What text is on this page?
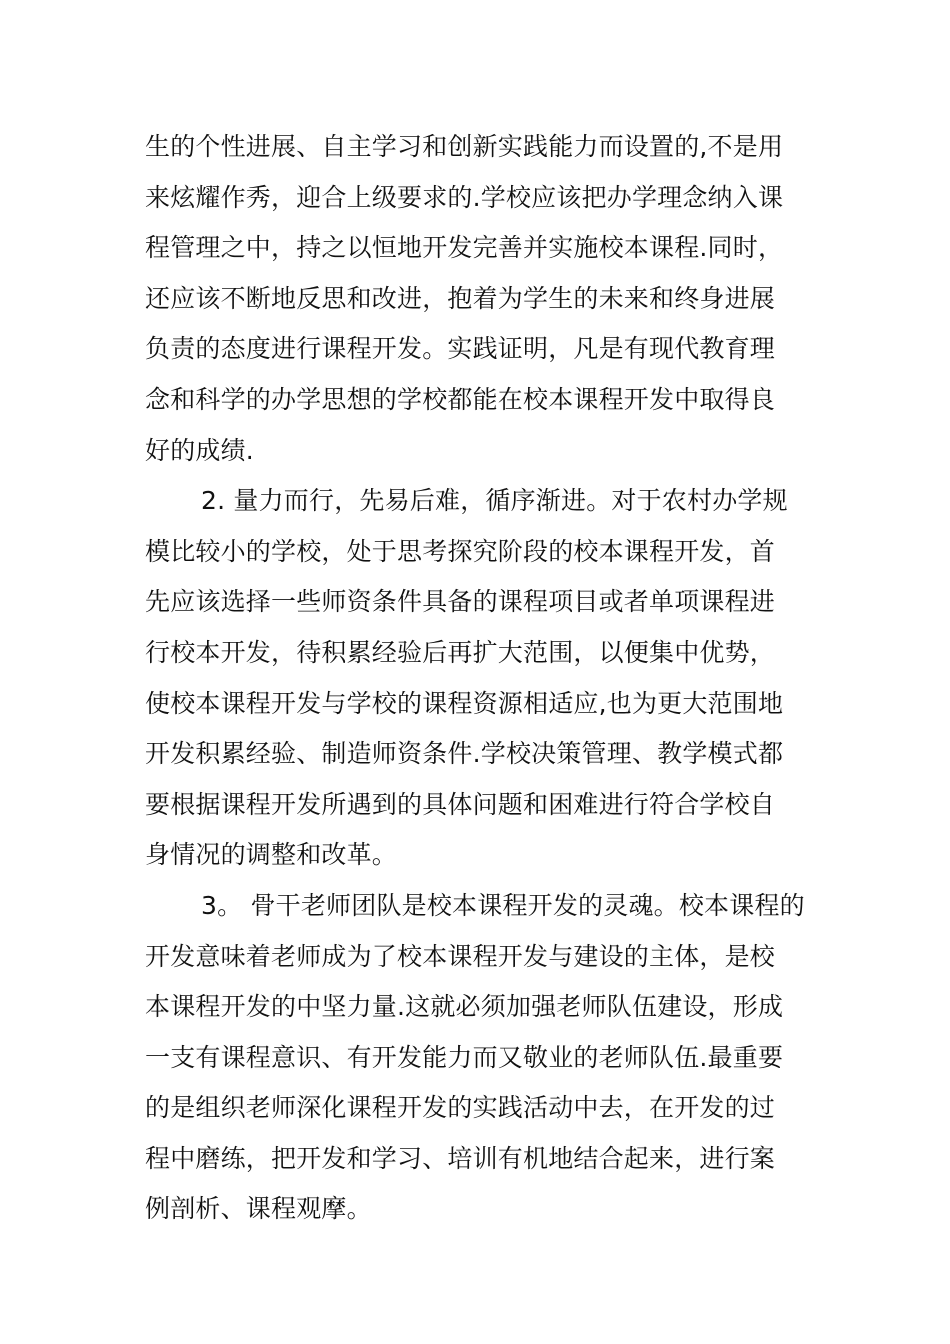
生的个性进展、自主学习和创新实践能力而设置的,不是用
来炫耀作秀，迎合上级要求的.学校应该把办学理念纳入课
程管理之中，持之以恒地开发完善并实施校本课程.同时，
还应该不断地反思和改进，抱着为学生的未来和终身进展
负责的态度进行课程开发。实践证明，凡是有现代教育理
念和科学的办学思想的学校都能在校本课程开发中取得良
好的成绩.
2. 量力而行，先易后难，循序渐进。对于农村办学规
模比较小的学校，处于思考探究阶段的校本课程开发，首
先应该选择一些师资条件具备的课程项目或者单项课程进
行校本开发，待积累经验后再扩大范围，以便集中优势，
使校本课程开发与学校的课程资源相适应,也为更大范围地
开发积累经验、制造师资条件.学校决策管理、教学模式都
要根据课程开发所遇到的具体问题和困难进行符合学校自
身情况的调整和改革。
3。 骨干老师团队是校本课程开发的灵魂。校本课程的
开发意味着老师成为了校本课程开发与建设的主体，是校
本课程开发的中坚力量.这就必须加强老师队伍建设，形成
一支有课程意识、有开发能力而又敬业的老师队伍.最重要
的是组织老师深化课程开发的实践活动中去，在开发的过
程中磨练，把开发和学习、培训有机地结合起来，进行案
例剖析、课程观摩。
